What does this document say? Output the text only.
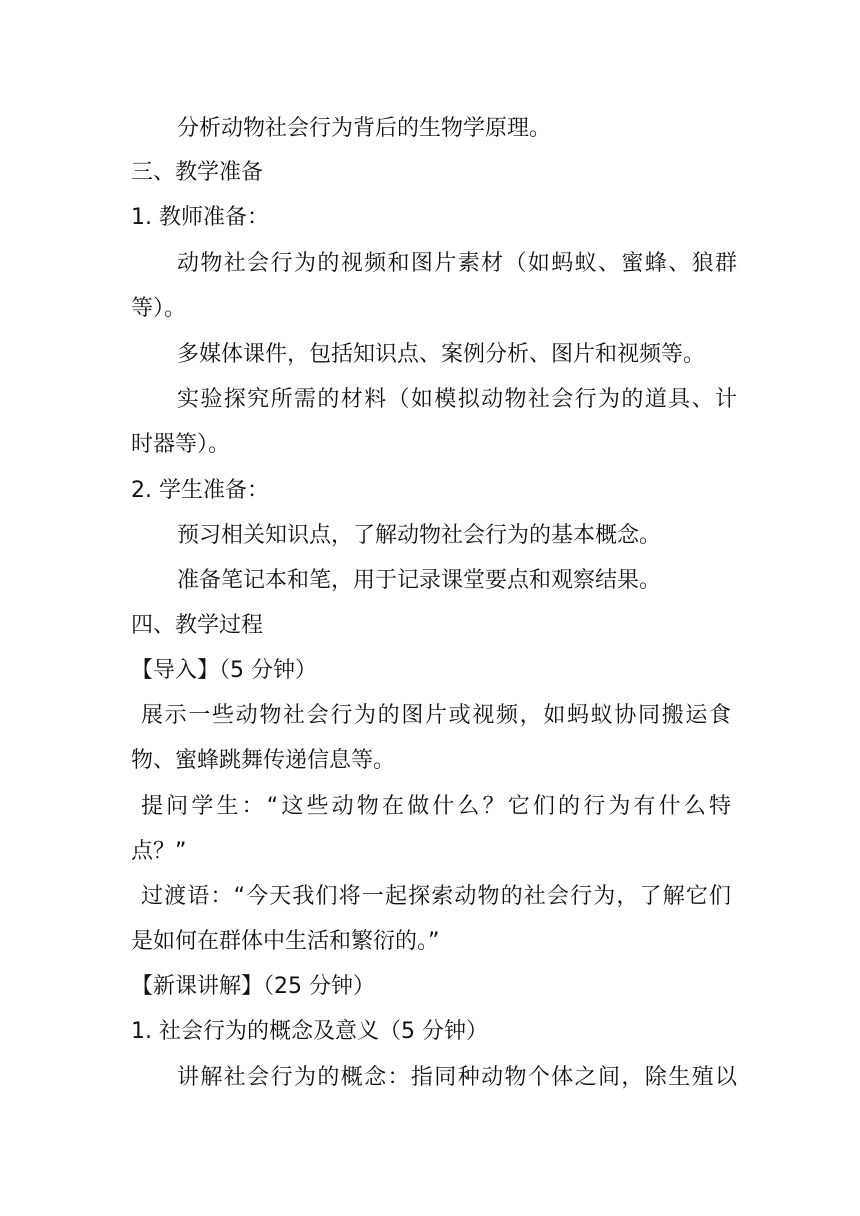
分析动物社会行为背后的生物学原理。
三、教学准备
1. 教师准备：
动物社会行为的视频和图片素材（如蚂蚁、蜜蜂、狼群
等）。
多媒体课件，包括知识点、案例分析、图片和视频等。
实验探究所需的材料（如模拟动物社会行为的道具、计
时器等）。
2. 学生准备：
预习相关知识点，了解动物社会行为的基本概念。
准备笔记本和笔，用于记录课堂要点和观察结果。
四、教学过程
【导入】（5 分钟）
展示一些动物社会行为的图片或视频，如蚂蚁协同搬运食
物、蜜蜂跳舞传递信息等。
提问学生：“这些动物在做什么？它们的行为有什么特
点？”
过渡语：“今天我们将一起探索动物的社会行为，了解它们
是如何在群体中生活和繁衍的。”
【新课讲解】（25 分钟）
1. 社会行为的概念及意义（5 分钟）
讲解社会行为的概念：指同种动物个体之间，除生殖以
